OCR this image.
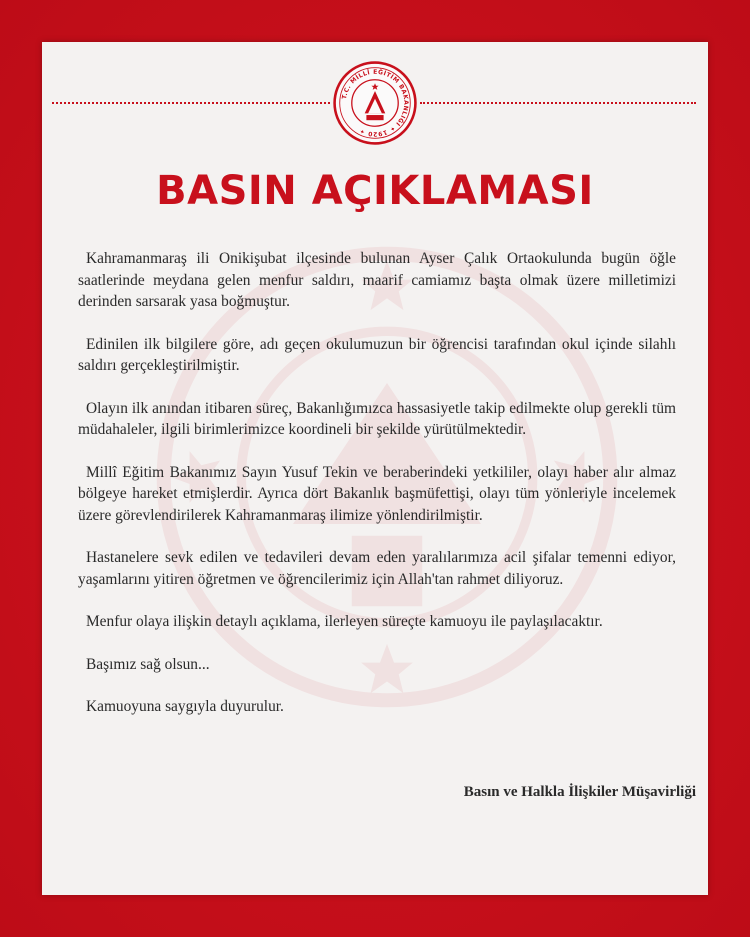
T.C. MİLLÎ EĞİTİM BAKANLIĞI ✦ 1920 ✦
BASIN AÇIKLAMASI

Kahramanmaraş ili Onikişubat ilçesinde bulunan Ayser Çalık Ortaokulunda bugün öğle saatlerinde meydana gelen menfur saldırı, maarif camiamız başta olmak üzere milletimizi derinden sarsarak yasa boğmuştur.

Edinilen ilk bilgilere göre, adı geçen okulumuzun bir öğrencisi tarafından okul içinde silahlı saldırı gerçekleştirilmiştir.

Olayın ilk anından itibaren süreç, Bakanlığımızca hassasiyetle takip edilmekte olup gerekli tüm müdahaleler, ilgili birimlerimizce koordineli bir şekilde yürütülmektedir.

Millî Eğitim Bakanımız Sayın Yusuf Tekin ve beraberindeki yetkililer, olayı haber alır almaz bölgeye hareket etmişlerdir. Ayrıca dört Bakanlık başmüfettişi, olayı tüm yönleriyle incelemek üzere görevlendirilerek Kahramanmaraş ilimize yönlendirilmiştir.

Hastanelere sevk edilen ve tedavileri devam eden yaralılarımıza acil şifalar temenni ediyor, yaşamlarını yitiren öğretmen ve öğrencilerimiz için Allah'tan rahmet diliyoruz.

Menfur olaya ilişkin detaylı açıklama, ilerleyen süreçte kamuoyu ile paylaşılacaktır.

Başımız sağ olsun...

Kamuoyuna saygıyla duyurulur.

Basın ve Halkla İlişkiler Müşavirliği
